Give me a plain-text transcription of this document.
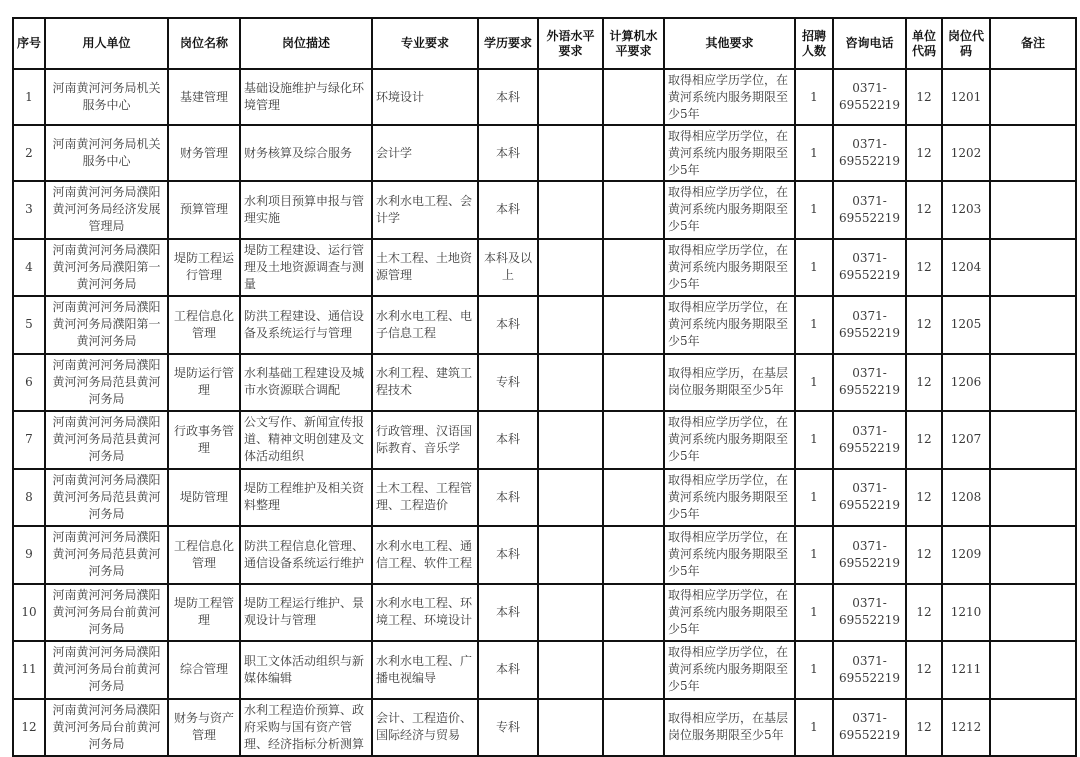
序号	用人单位	岗位名称	岗位描述	专业要求	学历要求	外语水平要求	计算机水平要求	其他要求	招聘人数	咨询电话	单位代码	岗位代码	备注
1	河南黄河河务局机关服务中心	基建管理	基础设施维护与绿化环境管理	环境设计	本科			取得相应学历学位，在黄河系统内服务期限至少5年	1	0371-69552219	12	1201	
2	河南黄河河务局机关服务中心	财务管理	财务核算及综合服务	会计学	本科			取得相应学历学位，在黄河系统内服务期限至少5年	1	0371-69552219	12	1202	
3	河南黄河河务局濮阳黄河河务局经济发展管理局	预算管理	水利项目预算申报与管理实施	水利水电工程、会计学	本科			取得相应学历学位，在黄河系统内服务期限至少5年	1	0371-69552219	12	1203	
4	河南黄河河务局濮阳黄河河务局濮阳第一黄河河务局	堤防工程运行管理	堤防工程建设、运行管理及土地资源调查与测量	土木工程、土地资源管理	本科及以上			取得相应学历学位，在黄河系统内服务期限至少5年	1	0371-69552219	12	1204	
5	河南黄河河务局濮阳黄河河务局濮阳第一黄河河务局	工程信息化管理	防洪工程建设、通信设备及系统运行与管理	水利水电工程、电子信息工程	本科			取得相应学历学位，在黄河系统内服务期限至少5年	1	0371-69552219	12	1205	
6	河南黄河河务局濮阳黄河河务局范县黄河河务局	堤防运行管理	水利基础工程建设及城市水资源联合调配	水利工程、建筑工程技术	专科			取得相应学历，在基层岗位服务期限至少5年	1	0371-69552219	12	1206	
7	河南黄河河务局濮阳黄河河务局范县黄河河务局	行政事务管理	公文写作、新闻宣传报道、精神文明创建及文体活动组织	行政管理、汉语国际教育、音乐学	本科			取得相应学历学位，在黄河系统内服务期限至少5年	1	0371-69552219	12	1207	
8	河南黄河河务局濮阳黄河河务局范县黄河河务局	堤防管理	堤防工程维护及相关资料整理	土木工程、工程管理、工程造价	本科			取得相应学历学位，在黄河系统内服务期限至少5年	1	0371-69552219	12	1208	
9	河南黄河河务局濮阳黄河河务局范县黄河河务局	工程信息化管理	防洪工程信息化管理、通信设备系统运行维护	水利水电工程、通信工程、软件工程	本科			取得相应学历学位，在黄河系统内服务期限至少5年	1	0371-69552219	12	1209	
10	河南黄河河务局濮阳黄河河务局台前黄河河务局	堤防工程管理	堤防工程运行维护、景观设计与管理	水利水电工程、环境工程、环境设计	本科			取得相应学历学位，在黄河系统内服务期限至少5年	1	0371-69552219	12	1210	
11	河南黄河河务局濮阳黄河河务局台前黄河河务局	综合管理	职工文体活动组织与新媒体编辑	水利水电工程、广播电视编导	本科			取得相应学历学位，在黄河系统内服务期限至少5年	1	0371-69552219	12	1211	
12	河南黄河河务局濮阳黄河河务局台前黄河河务局	财务与资产管理	水利工程造价预算、政府采购与国有资产管理、经济指标分析测算	会计、工程造价、国际经济与贸易	专科			取得相应学历，在基层岗位服务期限至少5年	1	0371-69552219	12	1212	
